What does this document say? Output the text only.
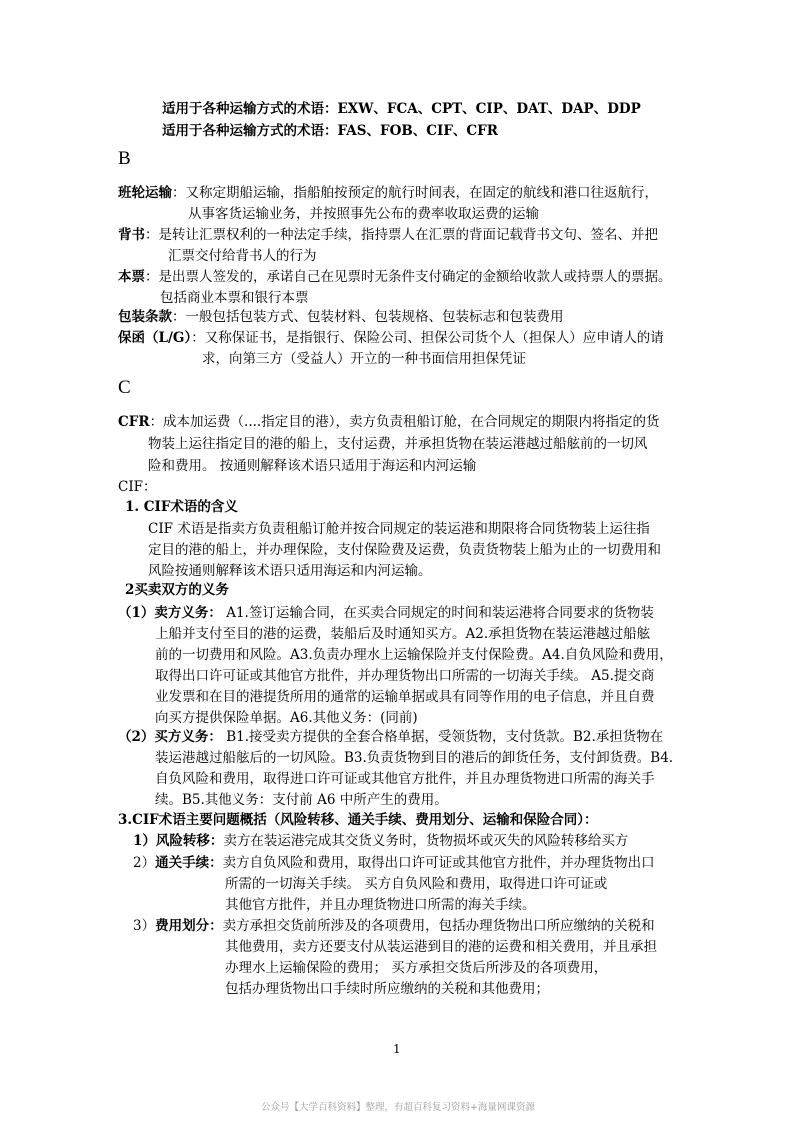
适用于各种运输方式的术语：EXW、FCA、CPT、CIP、DAT、DAP、DDP
适用于各种运输方式的术语：FAS、FOB、CIF、CFR
B
班轮运输：又称定期船运输，指船舶按预定的航行时间表，在固定的航线和港口往返航行，
从事客货运输业务，并按照事先公布的费率收取运费的运输
背书：是转让汇票权利的一种法定手续，指持票人在汇票的背面记载背书文句、签名、并把
汇票交付给背书人的行为
本票：是出票人签发的，承诺自己在见票时无条件支付确定的金额给收款人或持票人的票据。
包括商业本票和银行本票
包装条款：一般包括包装方式、包装材料、包装规格、包装标志和包装费用
保函（L/G）：又称保证书，是指银行、保险公司、担保公司货个人（担保人）应申请人的请
求，向第三方（受益人）开立的一种书面信用担保凭证
C
CFR：成本加运费（....指定目的港），卖方负责租船订舱，在合同规定的期限内将指定的货
物装上运往指定目的港的船上，支付运费，并承担货物在装运港越过船舷前的一切风
险和费用。 按通则解释该术语只适用于海运和内河运输
CIF：
1. CIF术语的含义
CIF 术语是指卖方负责租船订舱并按合同规定的装运港和期限将合同货物装上运往指
定目的港的船上，并办理保险，支付保险费及运费，负责货物装上船为止的一切费用和
风险按通则解释该术语只适用海运和内河运输。
2买卖双方的义务
（1）卖方义务： A1.签订运输合同，在买卖合同规定的时间和装运港将合同要求的货物装
上船并支付至目的港的运费，装船后及时通知买方。A2.承担货物在装运港越过船舷
前的一切费用和风险。A3.负责办理水上运输保险并支付保险费。A4.自负风险和费用，
取得出口许可证或其他官方批件，并办理货物出口所需的一切海关手续。 A5.提交商
业发票和在目的港提货所用的通常的运输单据或具有同等作用的电子信息，并且自费
向买方提供保险单据。A6.其他义务：(同前)
（2）买方义务： B1.接受卖方提供的全套合格单据，受领货物，支付货款。B2.承担货物在
装运港越过船舷后的一切风险。B3.负责货物到目的港后的卸货任务，支付卸货费。B4.
自负风险和费用，取得进口许可证或其他官方批件，并且办理货物进口所需的海关手
续。B5.其他义务：支付前 A6 中所产生的费用。
3.CIF术语主要问题概括（风险转移、通关手续、费用划分、运输和保险合同）：
1）风险转移：卖方在装运港完成其交货义务时，货物损坏或灭失的风险转移给买方
2）通关手续：卖方自负风险和费用，取得出口许可证或其他官方批件，并办理货物出口
所需的一切海关手续。 买方自负风险和费用，取得进口许可证或
其他官方批件，并且办理货物进口所需的海关手续。
3）费用划分：卖方承担交货前所涉及的各项费用，包括办理货物出口所应缴纳的关税和
其他费用，卖方还要支付从装运港到目的港的运费和相关费用，并且承担
办理水上运输保险的费用； 买方承担交货后所涉及的各项费用，
包括办理货物出口手续时所应缴纳的关税和其他费用；
1
公众号【大学百科资料】整理，有超百科复习资料+海量网课资源
